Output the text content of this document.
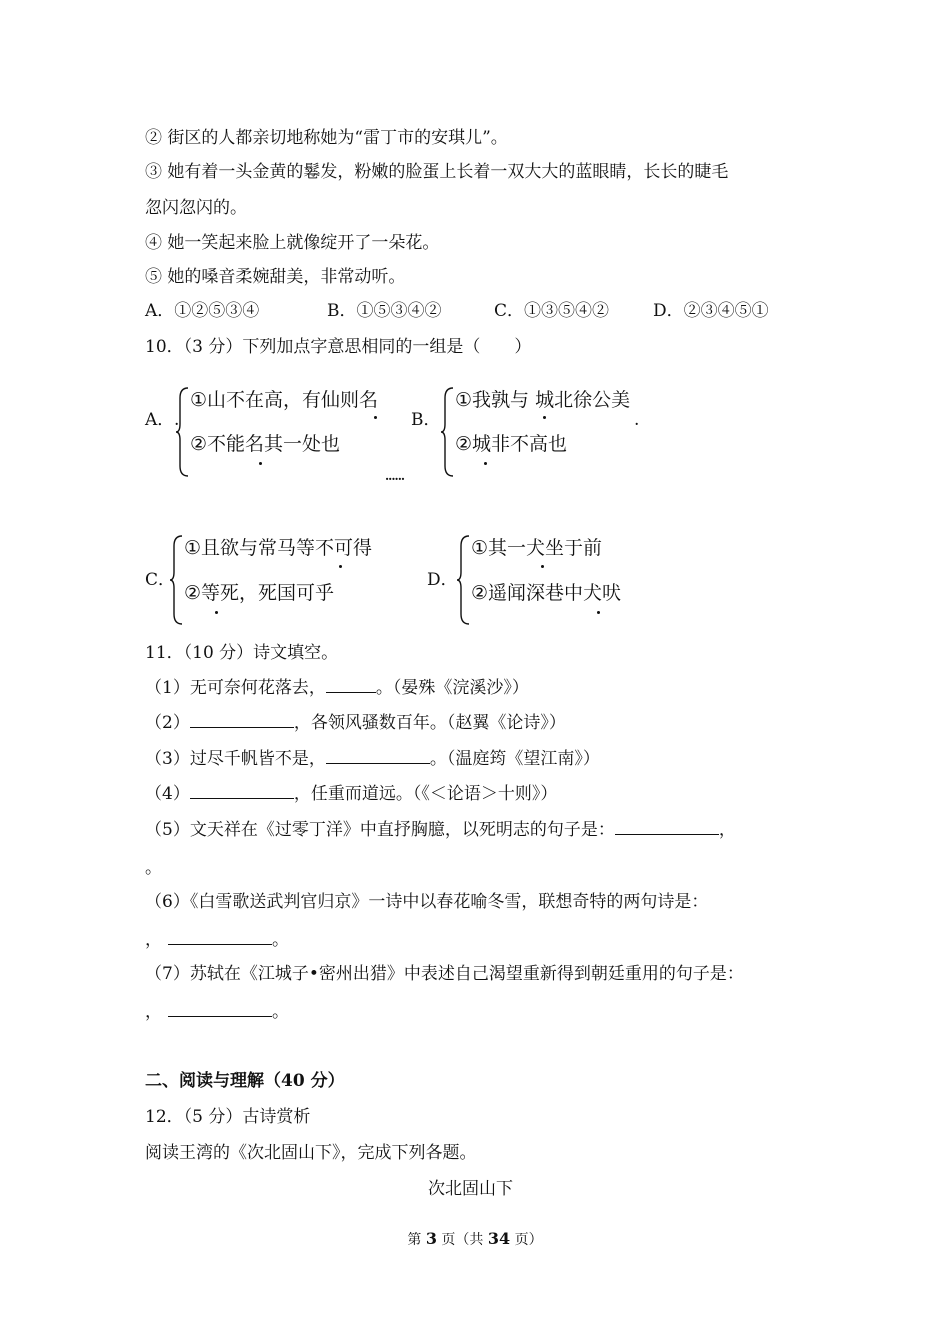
② 街区的人都亲切地称她为“雷丁市的安琪儿”。
③ 她有着一头金黄的鬈发，粉嫩的脸蛋上长着一双大大的蓝眼睛，长长的睫毛
忽闪忽闪的。
④ 她一笑起来脸上就像绽开了一朵花。
⑤ 她的嗓音柔婉甜美，非常动听。
A．①②⑤③④	B．①⑤③④②	C．①③⑤④②	D．②③④⑤①
10．（3 分）下列加点字意思相同的一组是（　　）
A．
①山不在高，有仙则名
②不能名其一处也
.
......
B．
①我孰与 城北徐公美
②城非不高也
.
C．
①且欲与常马等不可得
②等死，死国可乎
D．
①其一犬坐于前
②遥闻深巷中犬吠
11．（10 分）诗文填空。
（1）无可奈何花落去，	。（晏殊《浣溪沙》）
（2）	，各领风骚数百年。（赵翼《论诗》）
（3）过尽千帆皆不是，	。（温庭筠《望江南》）
（4）	，任重而道远。（《＜论语＞十则》）
（5）文天祥在《过零丁洋》中直抒胸臆，以死明志的句子是：	，
。
（6）《白雪歌送武判官归京》一诗中以春花喻冬雪，联想奇特的两句诗是：
，	。
（7）苏轼在《江城子•密州出猎》中表述自己渴望重新得到朝廷重用的句子是：
，	。
二、阅读与理解（40 分）
12．（5 分）古诗赏析
阅读王湾的《次北固山下》，完成下列各题。
次北固山下
第 3 页（共 34 页）
